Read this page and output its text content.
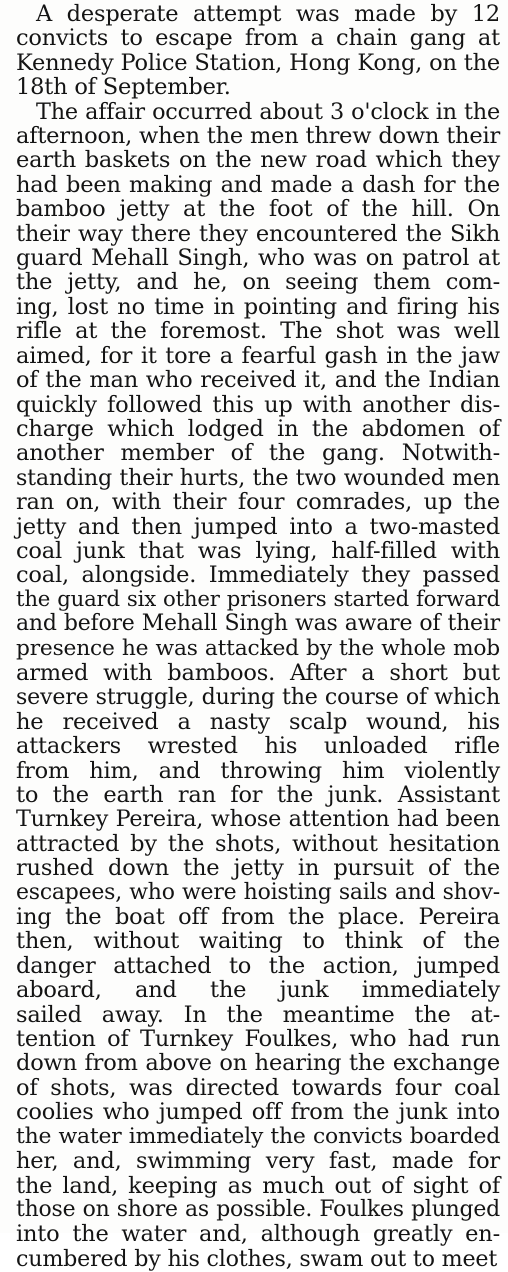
A desperate attempt was made by 12
convicts to escape from a chain gang at
Kennedy Police Station, Hong Kong, on the
18th of September.
The affair occurred about 3 o'clock in the
afternoon, when the men threw down their
earth baskets on the new road which they
had been making and made a dash for the
bamboo jetty at the foot of the hill. On
their way there they encountered the Sikh
guard Mehall Singh, who was on patrol at
the jetty, and he, on seeing them com-
ing, lost no time in pointing and firing his
rifle at the foremost. The shot was well
aimed, for it tore a fearful gash in the jaw
of the man who received it, and the Indian
quickly followed this up with another dis-
charge which lodged in the abdomen of
another member of the gang. Notwith-
standing their hurts, the two wounded men
ran on, with their four comrades, up the
jetty and then jumped into a two-masted
coal junk that was lying, half-filled with
coal, alongside. Immediately they passed
the guard six other prisoners started forward
and before Mehall Singh was aware of their
presence he was attacked by the whole mob
armed with bamboos. After a short but
severe struggle, during the course of which
he received a nasty scalp wound, his
attackers wrested his unloaded rifle
from him, and throwing him violently
to the earth ran for the junk. Assistant
Turnkey Pereira, whose attention had been
attracted by the shots, without hesitation
rushed down the jetty in pursuit of the
escapees, who were hoisting sails and shov-
ing the boat off from the place. Pereira
then, without waiting to think of the
danger attached to the action, jumped
aboard, and the junk immediately
sailed away. In the meantime the at-
tention of Turnkey Foulkes, who had run
down from above on hearing the exchange
of shots, was directed towards four coal
coolies who jumped off from the junk into
the water immediately the convicts boarded
her, and, swimming very fast, made for
the land, keeping as much out of sight of
those on shore as possible. Foulkes plunged
into the water and, although greatly en-
cumbered by his clothes, swam out to meet
